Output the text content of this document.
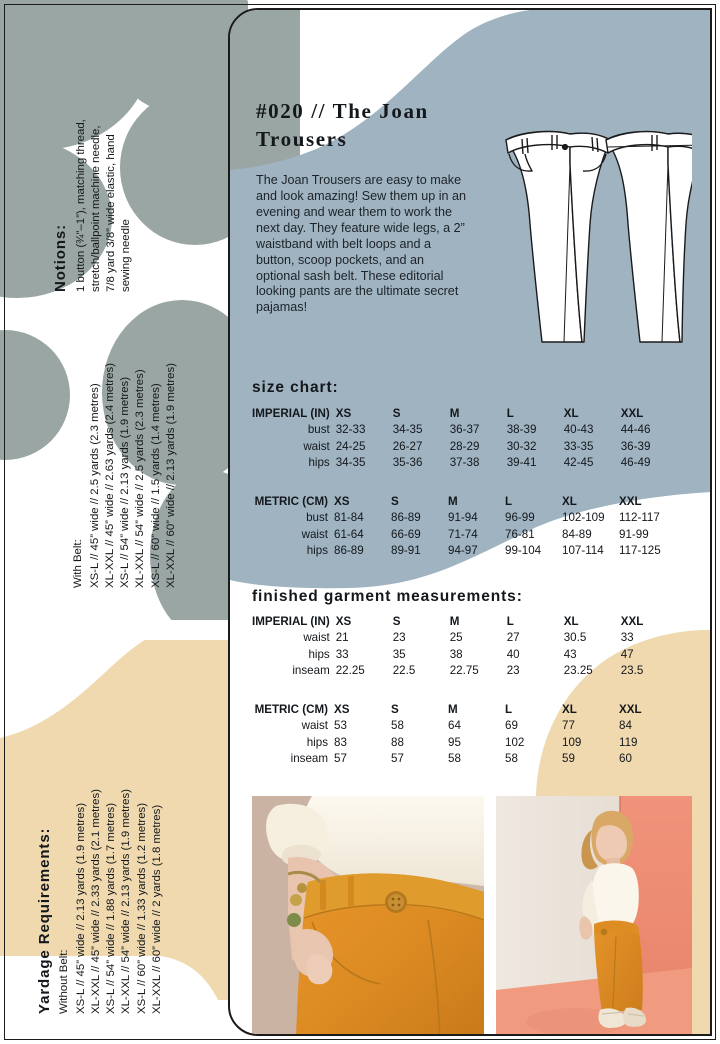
#020 // The Joan Trousers
The Joan Trousers are easy to make and look amazing! Sew them up in an evening and wear them to work the next day. They feature wide legs, a 2” waistband with belt loops and a button, scoop pockets, and an optional sash belt. These editorial looking pants are the ultimate secret pajamas!
size chart:
IMPERIAL (IN)	XS	S	M	L	XL	XXL
bust	32-33	34-35	36-37	38-39	40-43	44-46
waist	24-25	26-27	28-29	30-32	33-35	36-39
hips	34-35	35-36	37-38	39-41	42-45	46-49
METRIC (CM)	XS	S	M	L	XL	XXL
bust	81-84	86-89	91-94	96-99	102-109	112-117
waist	61-64	66-69	71-74	76-81	84-89	91-99
hips	86-89	89-91	94-97	99-104	107-114	117-125
finished garment measurements:
IMPERIAL (IN)	XS	S	M	L	XL	XXL
waist	21	23	25	27	30.5	33
hips	33	35	38	40	43	47
inseam	22.25	22.5	22.75	23	23.25	23.5
METRIC (CM)	XS	S	M	L	XL	XXL
waist	53	58	64	69	77	84
hips	83	88	95	102	109	119
inseam	57	57	58	58	59	60
Notions: 1 button (¾”–1”), matching thread, stretch/ballpoint machine needle, 7/8 yard 3/8” wide elastic, hand sewing needle
With Belt: XS-L // 45” wide // 2.5 yards (2.3 metres) XL-XXL // 45” wide // 2.63 yards (2.4 metres) XS-L // 54” wide // 2.13 yards (1.9 metres) XL-XXL // 54” wide // 2.5 yards (2.3 metres) XS-L // 60” wide // 1.5 yards (1.4 metres) XL-XXL // 60” wide // 2.13 yards (1.9 metres)
Yardage Requirements: Without Belt: XS-L // 45” wide // 2.13 yards (1.9 metres) XL-XXL // 45” wide // 2.33 yards (2.1 metres) XS-L // 54” wide // 1.88 yards (1.7 metres) XL-XXL // 54” wide // 2.13 yards (1.9 metres) XS-L // 60” wide // 1.33 yards (1.2 metres) XL-XXL // 60” wide // 2 yards (1.8 metres)
